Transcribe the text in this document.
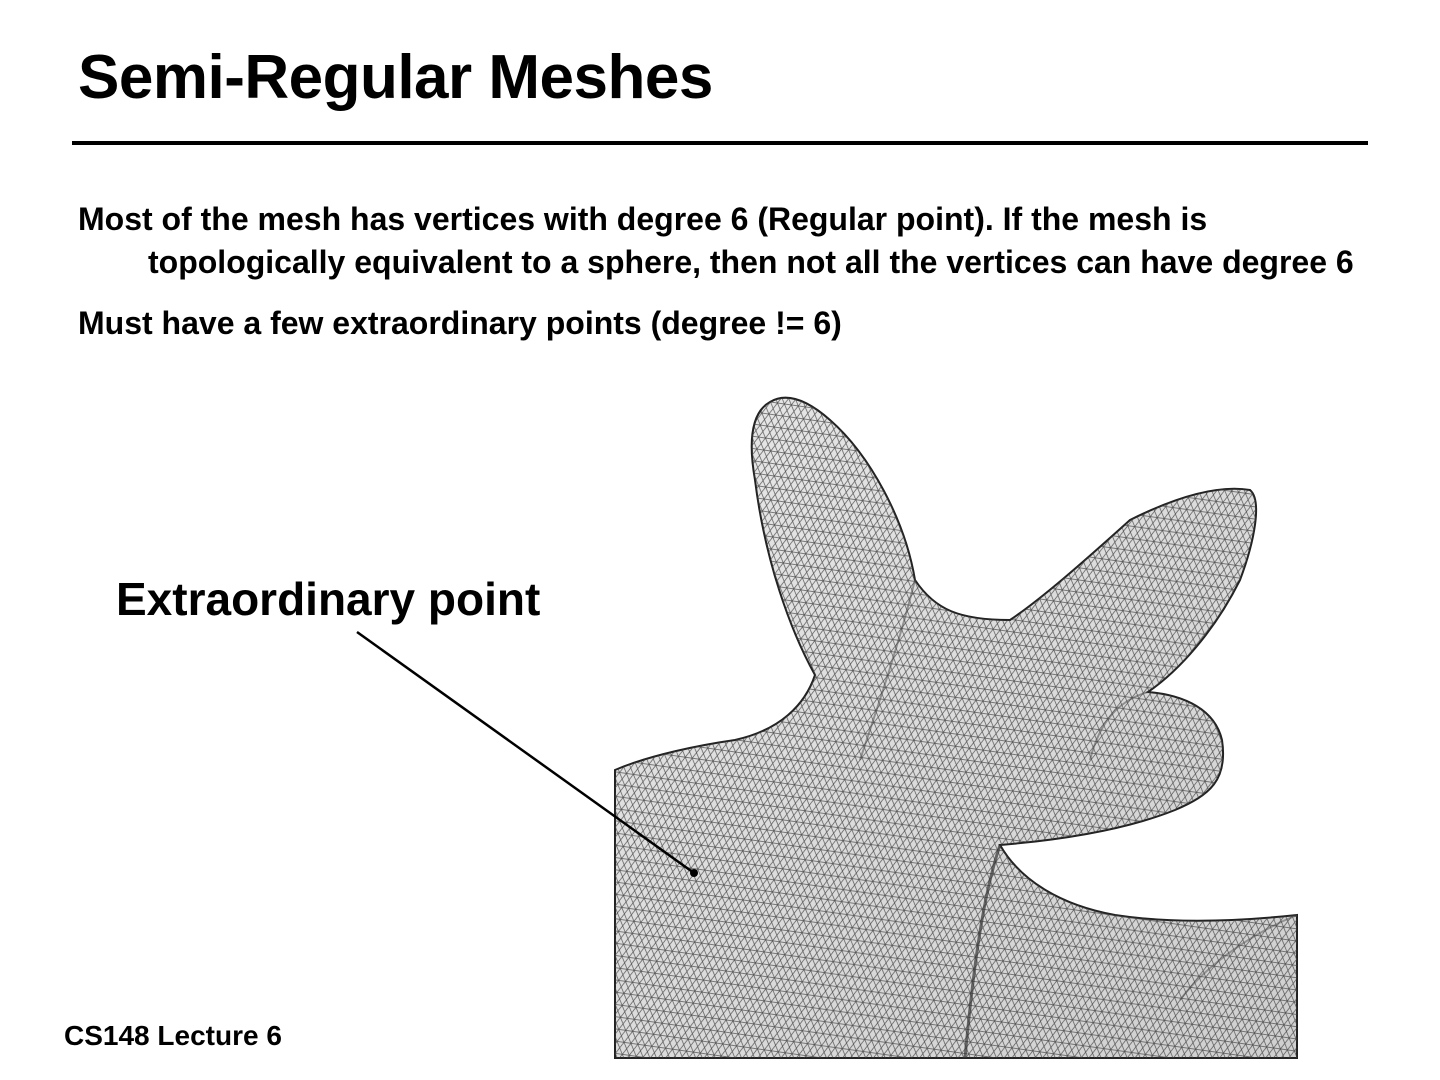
Semi-Regular Meshes

Most of the mesh has vertices with degree 6 (Regular point). If the mesh is topologically equivalent to a sphere, then not all the vertices can have degree 6

Must have a few extraordinary points (degree != 6)

Extraordinary point

CS148 Lecture 6
